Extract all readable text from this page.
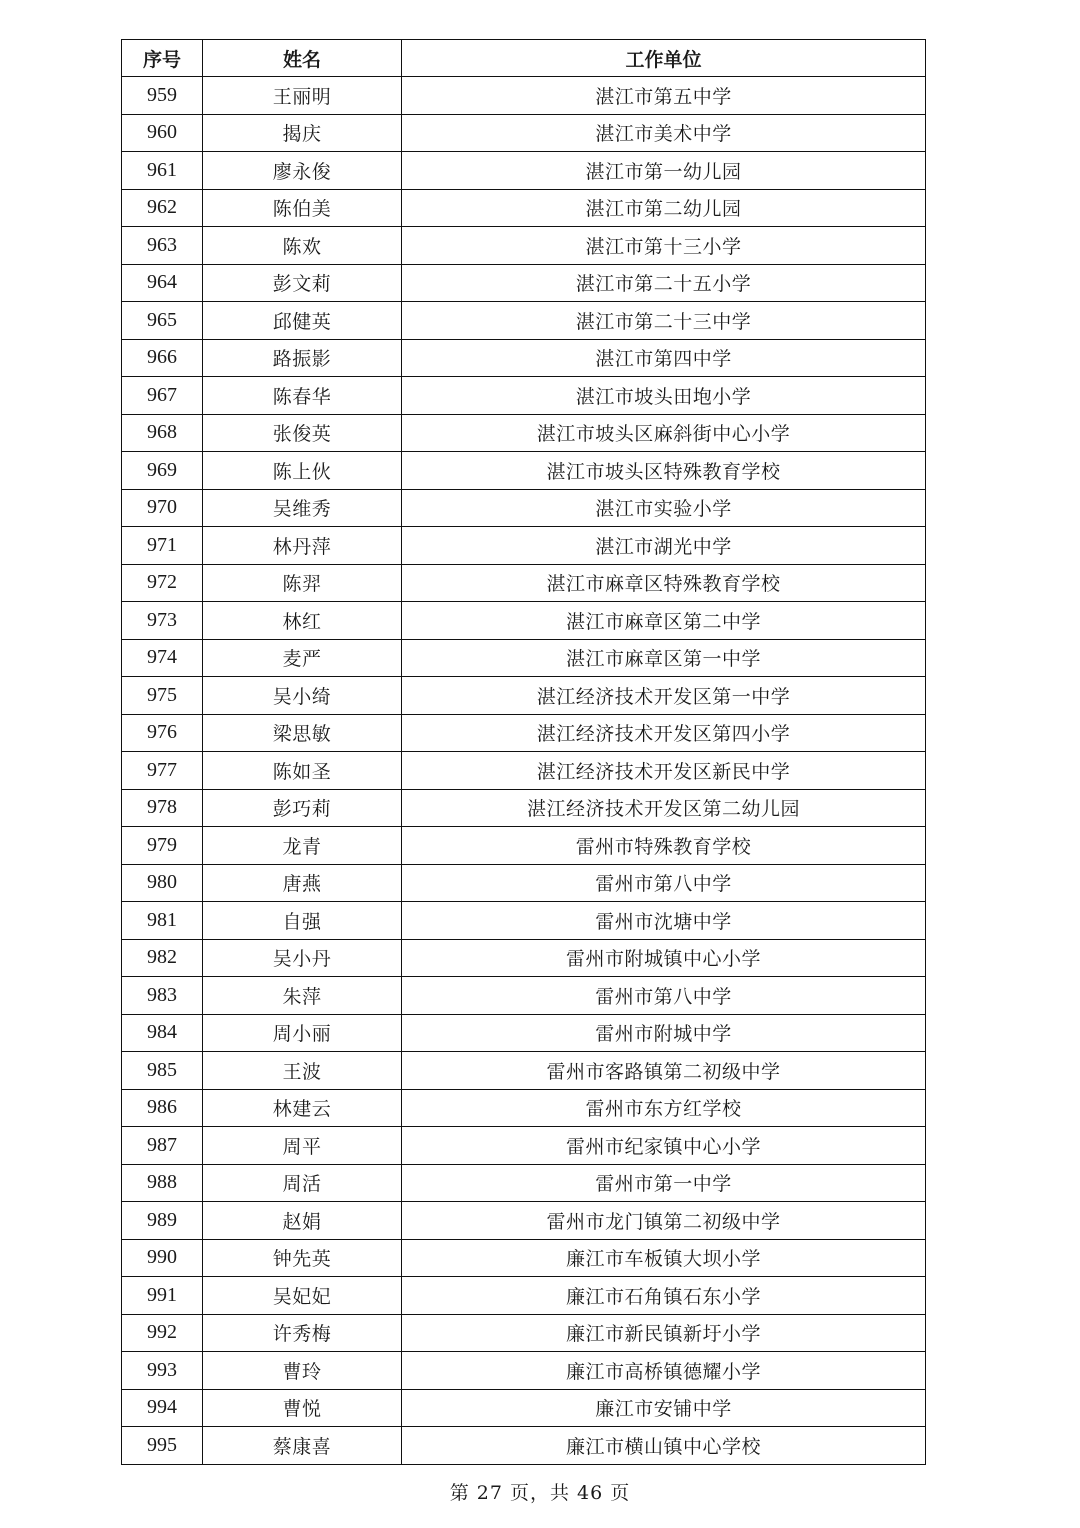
序号	姓名	工作单位
959	王丽明	湛江市第五中学
960	揭庆	湛江市美术中学
961	廖永俊	湛江市第一幼儿园
962	陈伯美	湛江市第二幼儿园
963	陈欢	湛江市第十三小学
964	彭文莉	湛江市第二十五小学
965	邱健英	湛江市第二十三中学
966	路振影	湛江市第四中学
967	陈春华	湛江市坡头田垉小学
968	张俊英	湛江市坡头区麻斜街中心小学
969	陈上伙	湛江市坡头区特殊教育学校
970	吴维秀	湛江市实验小学
971	林丹萍	湛江市湖光中学
972	陈羿	湛江市麻章区特殊教育学校
973	林红	湛江市麻章区第二中学
974	麦严	湛江市麻章区第一中学
975	吴小绮	湛江经济技术开发区第一中学
976	梁思敏	湛江经济技术开发区第四小学
977	陈如圣	湛江经济技术开发区新民中学
978	彭巧莉	湛江经济技术开发区第二幼儿园
979	龙青	雷州市特殊教育学校
980	唐燕	雷州市第八中学
981	自强	雷州市沈塘中学
982	吴小丹	雷州市附城镇中心小学
983	朱萍	雷州市第八中学
984	周小丽	雷州市附城中学
985	王波	雷州市客路镇第二初级中学
986	林建云	雷州市东方红学校
987	周平	雷州市纪家镇中心小学
988	周活	雷州市第一中学
989	赵娟	雷州市龙门镇第二初级中学
990	钟先英	廉江市车板镇大坝小学
991	吴妃妃	廉江市石角镇石东小学
992	许秀梅	廉江市新民镇新圩小学
993	曹玲	廉江市高桥镇德耀小学
994	曹悦	廉江市安铺中学
995	蔡康喜	廉江市横山镇中心学校
第 27 页，共 46 页
